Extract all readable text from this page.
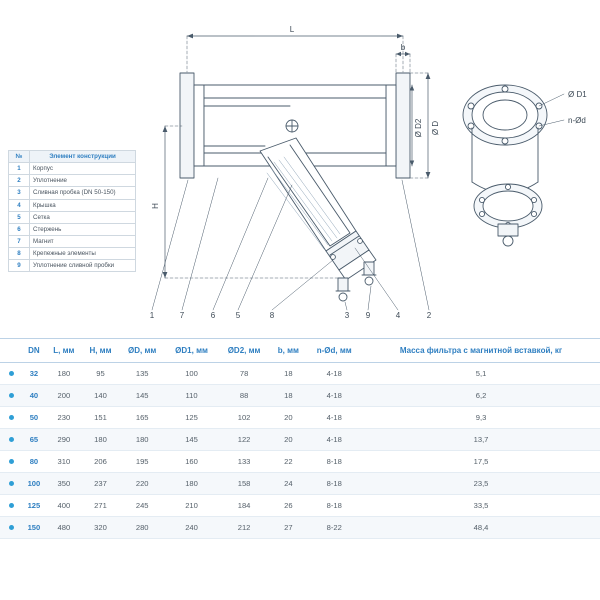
L
b
H
Ø D
Ø D2
Ø D1
n-Ød
1	7	6	5	8	3 9	4	2
№	Элемент конструкции
1	Корпус
2	Уплотнение
3	Сливная пробка (DN 50-150)
4	Крышка
5	Сетка
6	Стержень
7	Магнит
8	Крепежные элементы
9	Уплотнение сливной пробки
	DN	L, мм	H, мм	ØD, мм	ØD1, мм	ØD2, мм	b, мм	n-Ød, мм	Масса фильтра с магнитной вставкой, кг
	32	180	95	135	100	78	18	4-18	5,1
	40	200	140	145	110	88	18	4-18	6,2
	50	230	151	165	125	102	20	4-18	9,3
	65	290	180	180	145	122	20	4-18	13,7
	80	310	206	195	160	133	22	8-18	17,5
	100	350	237	220	180	158	24	8-18	23,5
	125	400	271	245	210	184	26	8-18	33,5
	150	480	320	280	240	212	27	8-22	48,4
